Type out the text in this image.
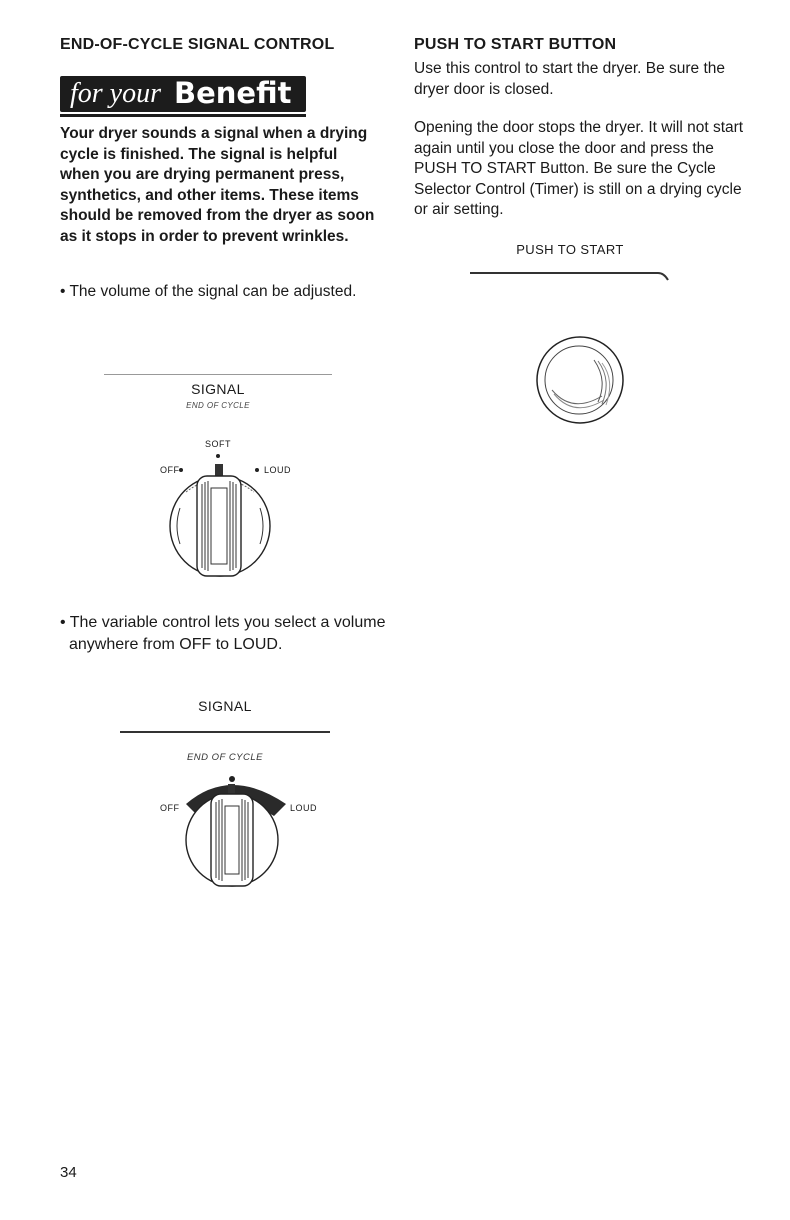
END-OF-CYCLE SIGNAL CONTROL
for your Benefit
Your dryer sounds a signal when a drying cycle is finished. The signal is helpful when you are drying permanent press, synthetics, and other items. These items should be removed from the dryer as soon as it stops in order to prevent wrinkles.
• The volume of the signal can be adjusted.
SIGNAL
END OF CYCLE
SOFT
OFF	LOUD
• The variable control lets you select a volume anywhere from OFF to LOUD.
SIGNAL
END OF CYCLE
OFF	LOUD
PUSH TO START BUTTON
Use this control to start the dryer. Be sure the dryer door is closed.
Opening the door stops the dryer. It will not start again until you close the door and press the PUSH TO START Button. Be sure the Cycle Selector Control (Timer) is still on a drying cycle or air setting.
PUSH TO START
34
